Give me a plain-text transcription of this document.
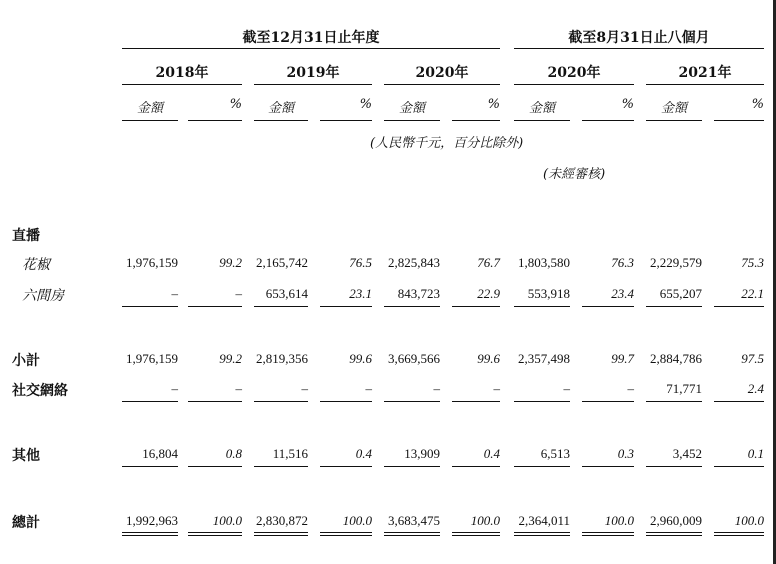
截至12月31日止年度	截至8月31日止八個月
2018年	2019年	2020年	2020年	2021年
金額	%	金額	%	金額	%	金額	%	金額	%
(人民幣千元，百分比除外)
(未經審核)
直播
花椒	1,976,159	99.2 2,165,742	76.5	2,825,843	76.7	1,803,580	76.3	2,229,579	75.3
六間房	–	–	653,614	23.1	843,723	22.9	553,918	23.4	655,207	22.1
小計	1,976,159	99.2 2,819,356	99.6	3,669,566	99.6	2,357,498	99.7	2,884,786	97.5
社交網絡	–	–	–	–	–	–	–	–	71,771	2.4
其他	16,804	0.8	11,516	0.4	13,909	0.4	6,513	0.3	3,452	0.1
總計	1,992,963	100.0 2,830,872	100.0	3,683,475	100.0	2,364,011	100.0	2,960,009	100.0
